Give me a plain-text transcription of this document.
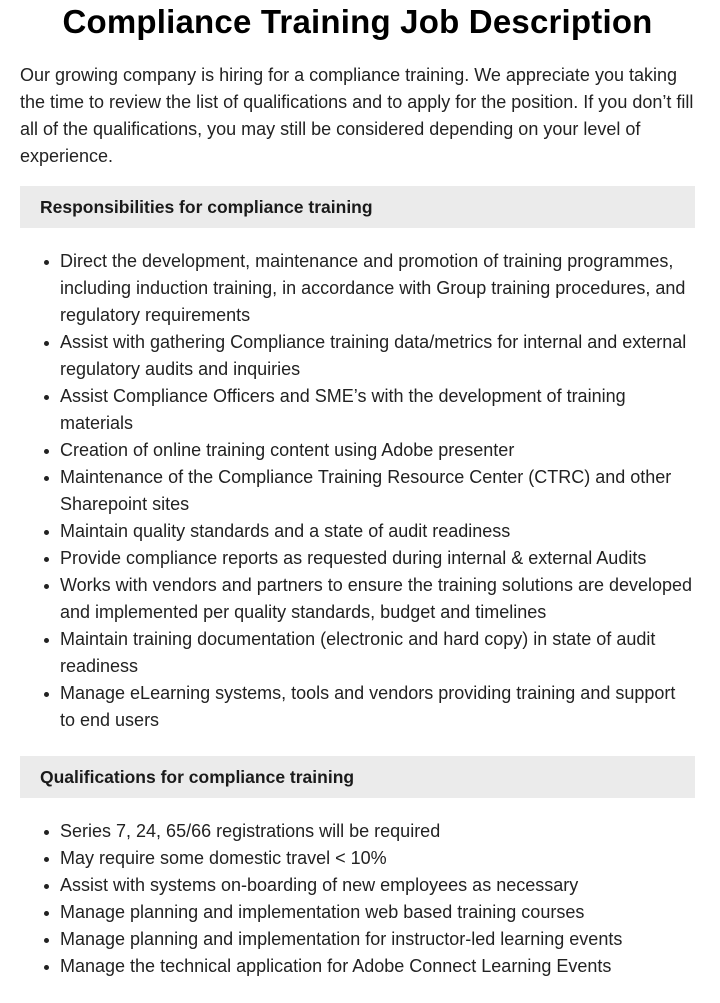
Compliance Training Job Description

Our growing company is hiring for a compliance training. We appreciate you taking the time to review the list of qualifications and to apply for the position. If you don’t fill all of the qualifications, you may still be considered depending on your level of experience.

Responsibilities for compliance training
Direct the development, maintenance and promotion of training programmes, including induction training, in accordance with Group training procedures, and regulatory requirements
Assist with gathering Compliance training data/metrics for internal and external regulatory audits and inquiries
Assist Compliance Officers and SME’s with the development of training materials
Creation of online training content using Adobe presenter
Maintenance of the Compliance Training Resource Center (CTRC) and other Sharepoint sites
Maintain quality standards and a state of audit readiness
Provide compliance reports as requested during internal & external Audits
Works with vendors and partners to ensure the training solutions are developed and implemented per quality standards, budget and timelines
Maintain training documentation (electronic and hard copy) in state of audit readiness
Manage eLearning systems, tools and vendors providing training and support to end users
Qualifications for compliance training
Series 7, 24, 65/66 registrations will be required
May require some domestic travel < 10%
Assist with systems on-boarding of new employees as necessary
Manage planning and implementation web based training courses
Manage planning and implementation for instructor-led learning events
Manage the technical application for Adobe Connect Learning Events
